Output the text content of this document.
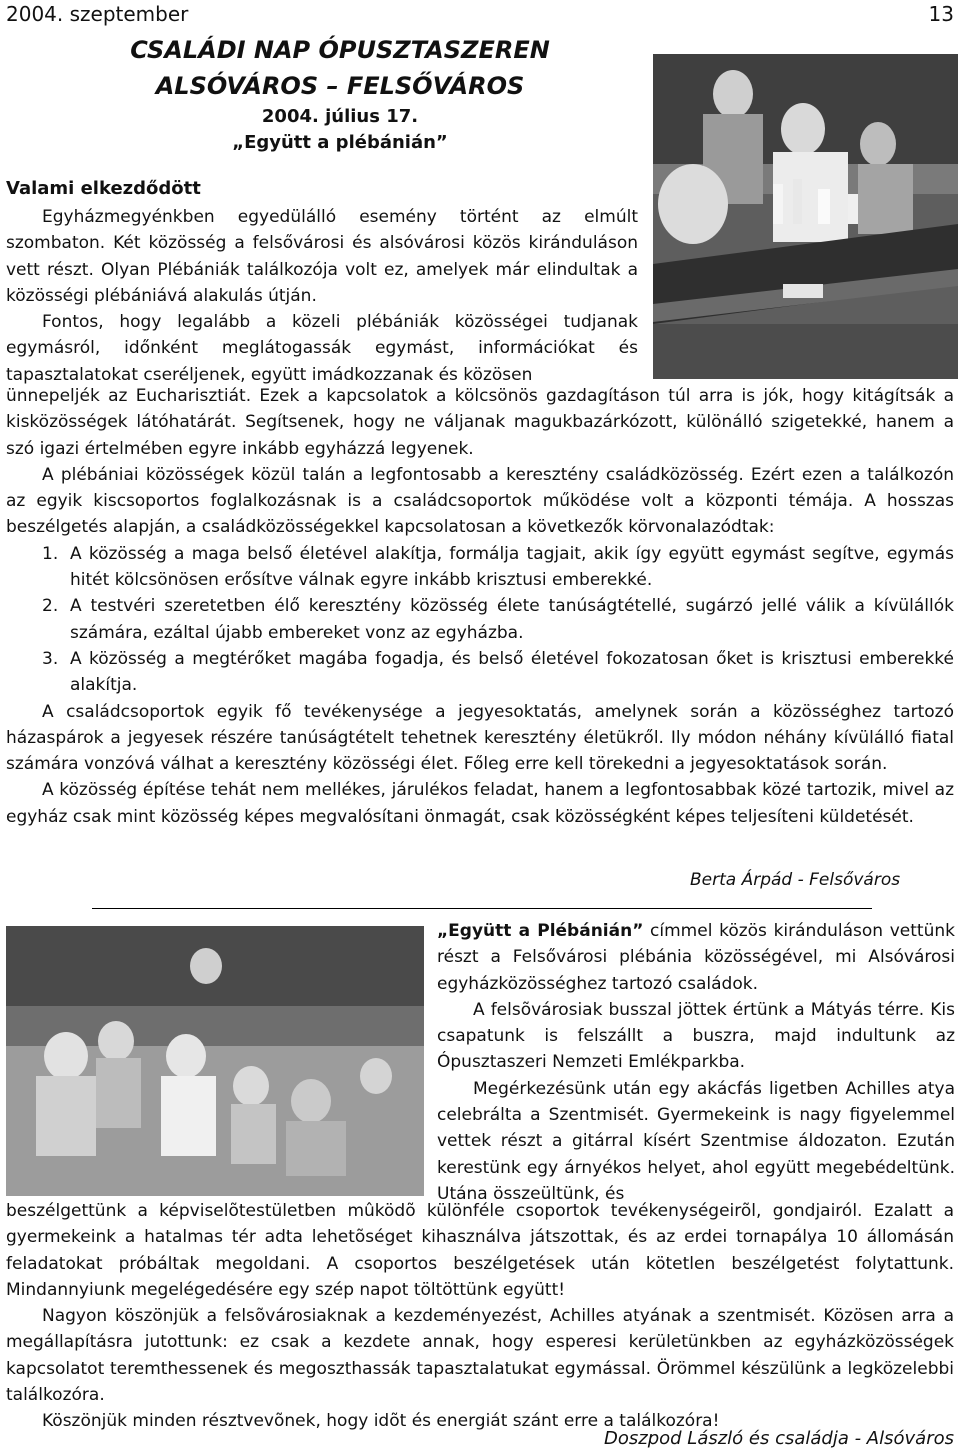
2004. szeptember	13
CSALÁDI NAP ÓPUSZTASZEREN
ALSÓVÁROS – FELSŐVÁROS
2004. július 17.
„Együtt a plébánián”
Valami elkezdődött

Egyházmegyénkben egyedülálló esemény történt az elmúlt szombaton. Két közösség a felsővárosi és alsóvárosi közös kiránduláson vett részt. Olyan Plébániák találkozója volt ez, amelyek már elindultak a közösségi plébániává alakulás útján.

Fontos, hogy legalább a közeli plébániák közösségei tudjanak egymásról, időnként meglátogassák egymást, információkat és tapasztalatokat cseréljenek, együtt imádkozzanak és közösen

ünnepeljék az Eucharisztiát. Ezek a kapcsolatok a kölcsönös gazdagításon túl arra is jók, hogy kitágítsák a kisközösségek látóhatárát. Segítsenek, hogy ne váljanak magukbazárkózott, különálló szigetekké, hanem a szó igazi értelmében egyre inkább egyházzá legyenek.

A plébániai közösségek közül talán a legfontosabb a keresztény családközösség. Ezért ezen a találkozón az egyik kiscsoportos foglalkozásnak is a családcsoportok működése volt a központi témája. A hosszas beszélgetés alapján, a családközösségekkel kapcsolatosan a következők körvonalazódtak:

1. A közösség a maga belső életével alakítja, formálja tagjait, akik így együtt egymást segítve, egymás hitét kölcsönösen erősítve válnak egyre inkább krisztusi emberekké.
2. A testvéri szeretetben élő keresztény közösség élete tanúságtétellé, sugárzó jellé válik a kívülállók számára, ezáltal újabb embereket vonz az egyházba.
3. A közösség a megtérőket magába fogadja, és belső életével fokozatosan őket is krisztusi emberekké alakítja.

A családcsoportok egyik fő tevékenysége a jegyesoktatás, amelynek során a közösséghez tartozó házaspárok a jegyesek részére tanúságtételt tehetnek keresztény életükről. Ily módon néhány kívülálló fiatal számára vonzóvá válhat a keresztény közösségi élet. Főleg erre kell törekedni a jegyesoktatások során.

A közösség építése tehát nem mellékes, járulékos feladat, hanem a legfontosabbak közé tartozik, mivel az egyház csak mint közösség képes megvalósítani önmagát, csak közösségként képes teljesíteni küldetését.

Berta Árpád - Felsőváros

„Együtt a Plébánián” címmel közös kiránduláson vettünk részt a Felsővárosi plébánia közösségével, mi Alsóvárosi egyházközösséghez tartozó családok.

A felsõvárosiak busszal jöttek értünk a Mátyás térre. Kis csapatunk is felszállt a buszra, majd indultunk az Ópusztaszeri Nemzeti Emlékparkba.

Megérkezésünk után egy akácfás ligetben Achilles atya celebrálta a Szentmisét. Gyermekeink is nagy figyelemmel vettek részt a gitárral kísért Szentmise áldozaton. Ezután kerestünk egy árnyékos helyet, ahol együtt megebédeltünk. Utána összeültünk, és

beszélgettünk a képviselõtestületben mûködõ különféle csoportok tevékenységeirõl, gondjairól. Ezalatt a gyermekeink a hatalmas tér adta lehetõséget kihasználva játszottak, és az erdei tornapálya 10 állomásán feladatokat próbáltak megoldani. A csoportos beszélgetések után kötetlen beszélgetést folytattunk. Mindannyiunk megelégedésére egy szép napot töltöttünk együtt!

Nagyon köszönjük a felsõvárosiaknak a kezdeményezést, Achilles atyának a szentmisét. Közösen arra a megállapításra jutottunk: ez csak a kezdete annak, hogy esperesi kerületünkben az egyházközösségek kapcsolatot teremthessenek és megoszthassák tapasztalatukat egymással. Örömmel készülünk a legközelebbi találkozóra.

Köszönjük minden résztvevõnek, hogy idõt és energiát szánt erre a találkozóra!

Doszpod László és családja - Alsóváros
